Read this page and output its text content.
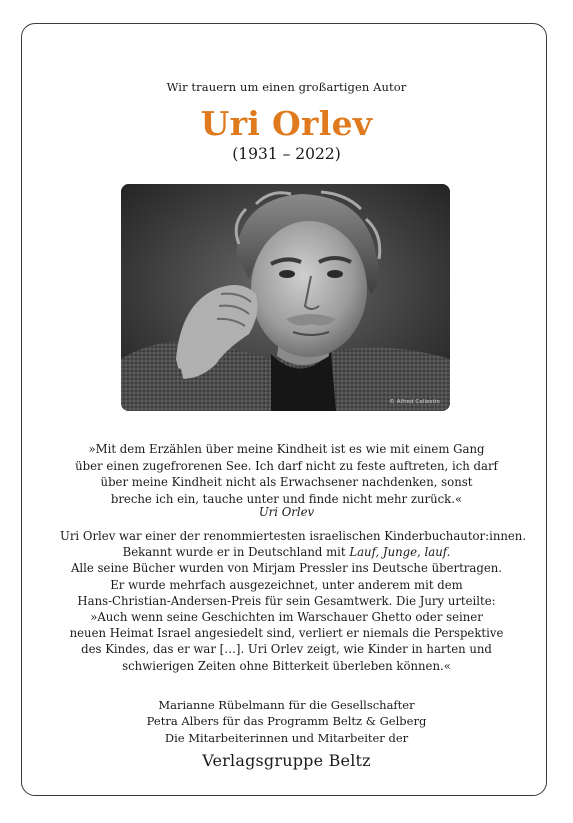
Wir trauern um einen großartigen Autor
Uri Orlev
(1931 – 2022)
© Alfred Cellestin
»Mit dem Erzählen über meine Kindheit ist es wie mit einem Gang
über einen zugefrorenen See. Ich darf nicht zu feste auftreten, ich darf
über meine Kindheit nicht als Erwachsener nachdenken, sonst
breche ich ein, tauche unter und finde nicht mehr zurück.«
Uri Orlev
Uri Orlev war einer der renommiertesten israelischen Kinderbuchautor:innen.
Bekannt wurde er in Deutschland mit Lauf, Junge, lauf.
Alle seine Bücher wurden von Mirjam Pressler ins Deutsche übertragen.
Er wurde mehrfach ausgezeichnet, unter anderem mit dem
Hans-Christian-Andersen-Preis für sein Gesamtwerk. Die Jury urteilte:
»Auch wenn seine Geschichten im Warschauer Ghetto oder seiner
neuen Heimat Israel angesiedelt sind, verliert er niemals die Perspektive
des Kindes, das er war […]. Uri Orlev zeigt, wie Kinder in harten und
schwierigen Zeiten ohne Bitterkeit überleben können.«
Marianne Rübelmann für die Gesellschafter
Petra Albers für das Programm Beltz & Gelberg
Die Mitarbeiterinnen und Mitarbeiter der
Verlagsgruppe Beltz
